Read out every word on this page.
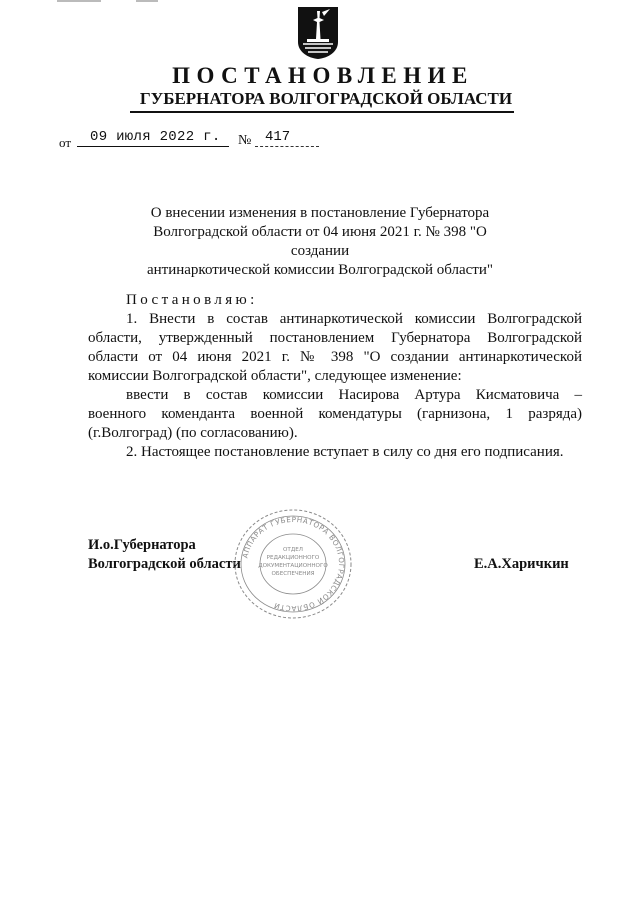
ПОСТАНОВЛЕНИЕ
ГУБЕРНАТОРА ВОЛГОГРАДСКОЙ ОБЛАСТИ
от 09 июля 2022 г. № 417
О внесении изменения в постановление Губернатора
Волгоградской области от 04 июня 2021 г. № 398 "О создании
антинаркотической комиссии Волгоградской области"

Постановляю:

1. Внести в состав антинаркотической комиссии Волгоградской

области, утвержденный постановлением Губернатора Волгоградской

области от 04 июня 2021 г. № 398 "О создании антинаркотической

комиссии Волгоградской области", следующее изменение:

ввести в состав комиссии Насирова Артура Кисматовича –

военного коменданта военной комендатуры (гарнизона, 1 разряда)

(г.Волгоград) (по согласованию).

2. Настоящее постановление вступает в силу со дня его подписания.

И.о.Губернатора
Волгоградской области	Е.А.Харичкин
АППАРАТ ГУБЕРНАТОРА ВОЛГОГРАДСКОЙ ОБЛАСТИ
ОТДЕЛ
РЕДАКЦИОННОГО
ДОКУМЕНТАЦИОННОГО
ОБЕСПЕЧЕНИЯ
